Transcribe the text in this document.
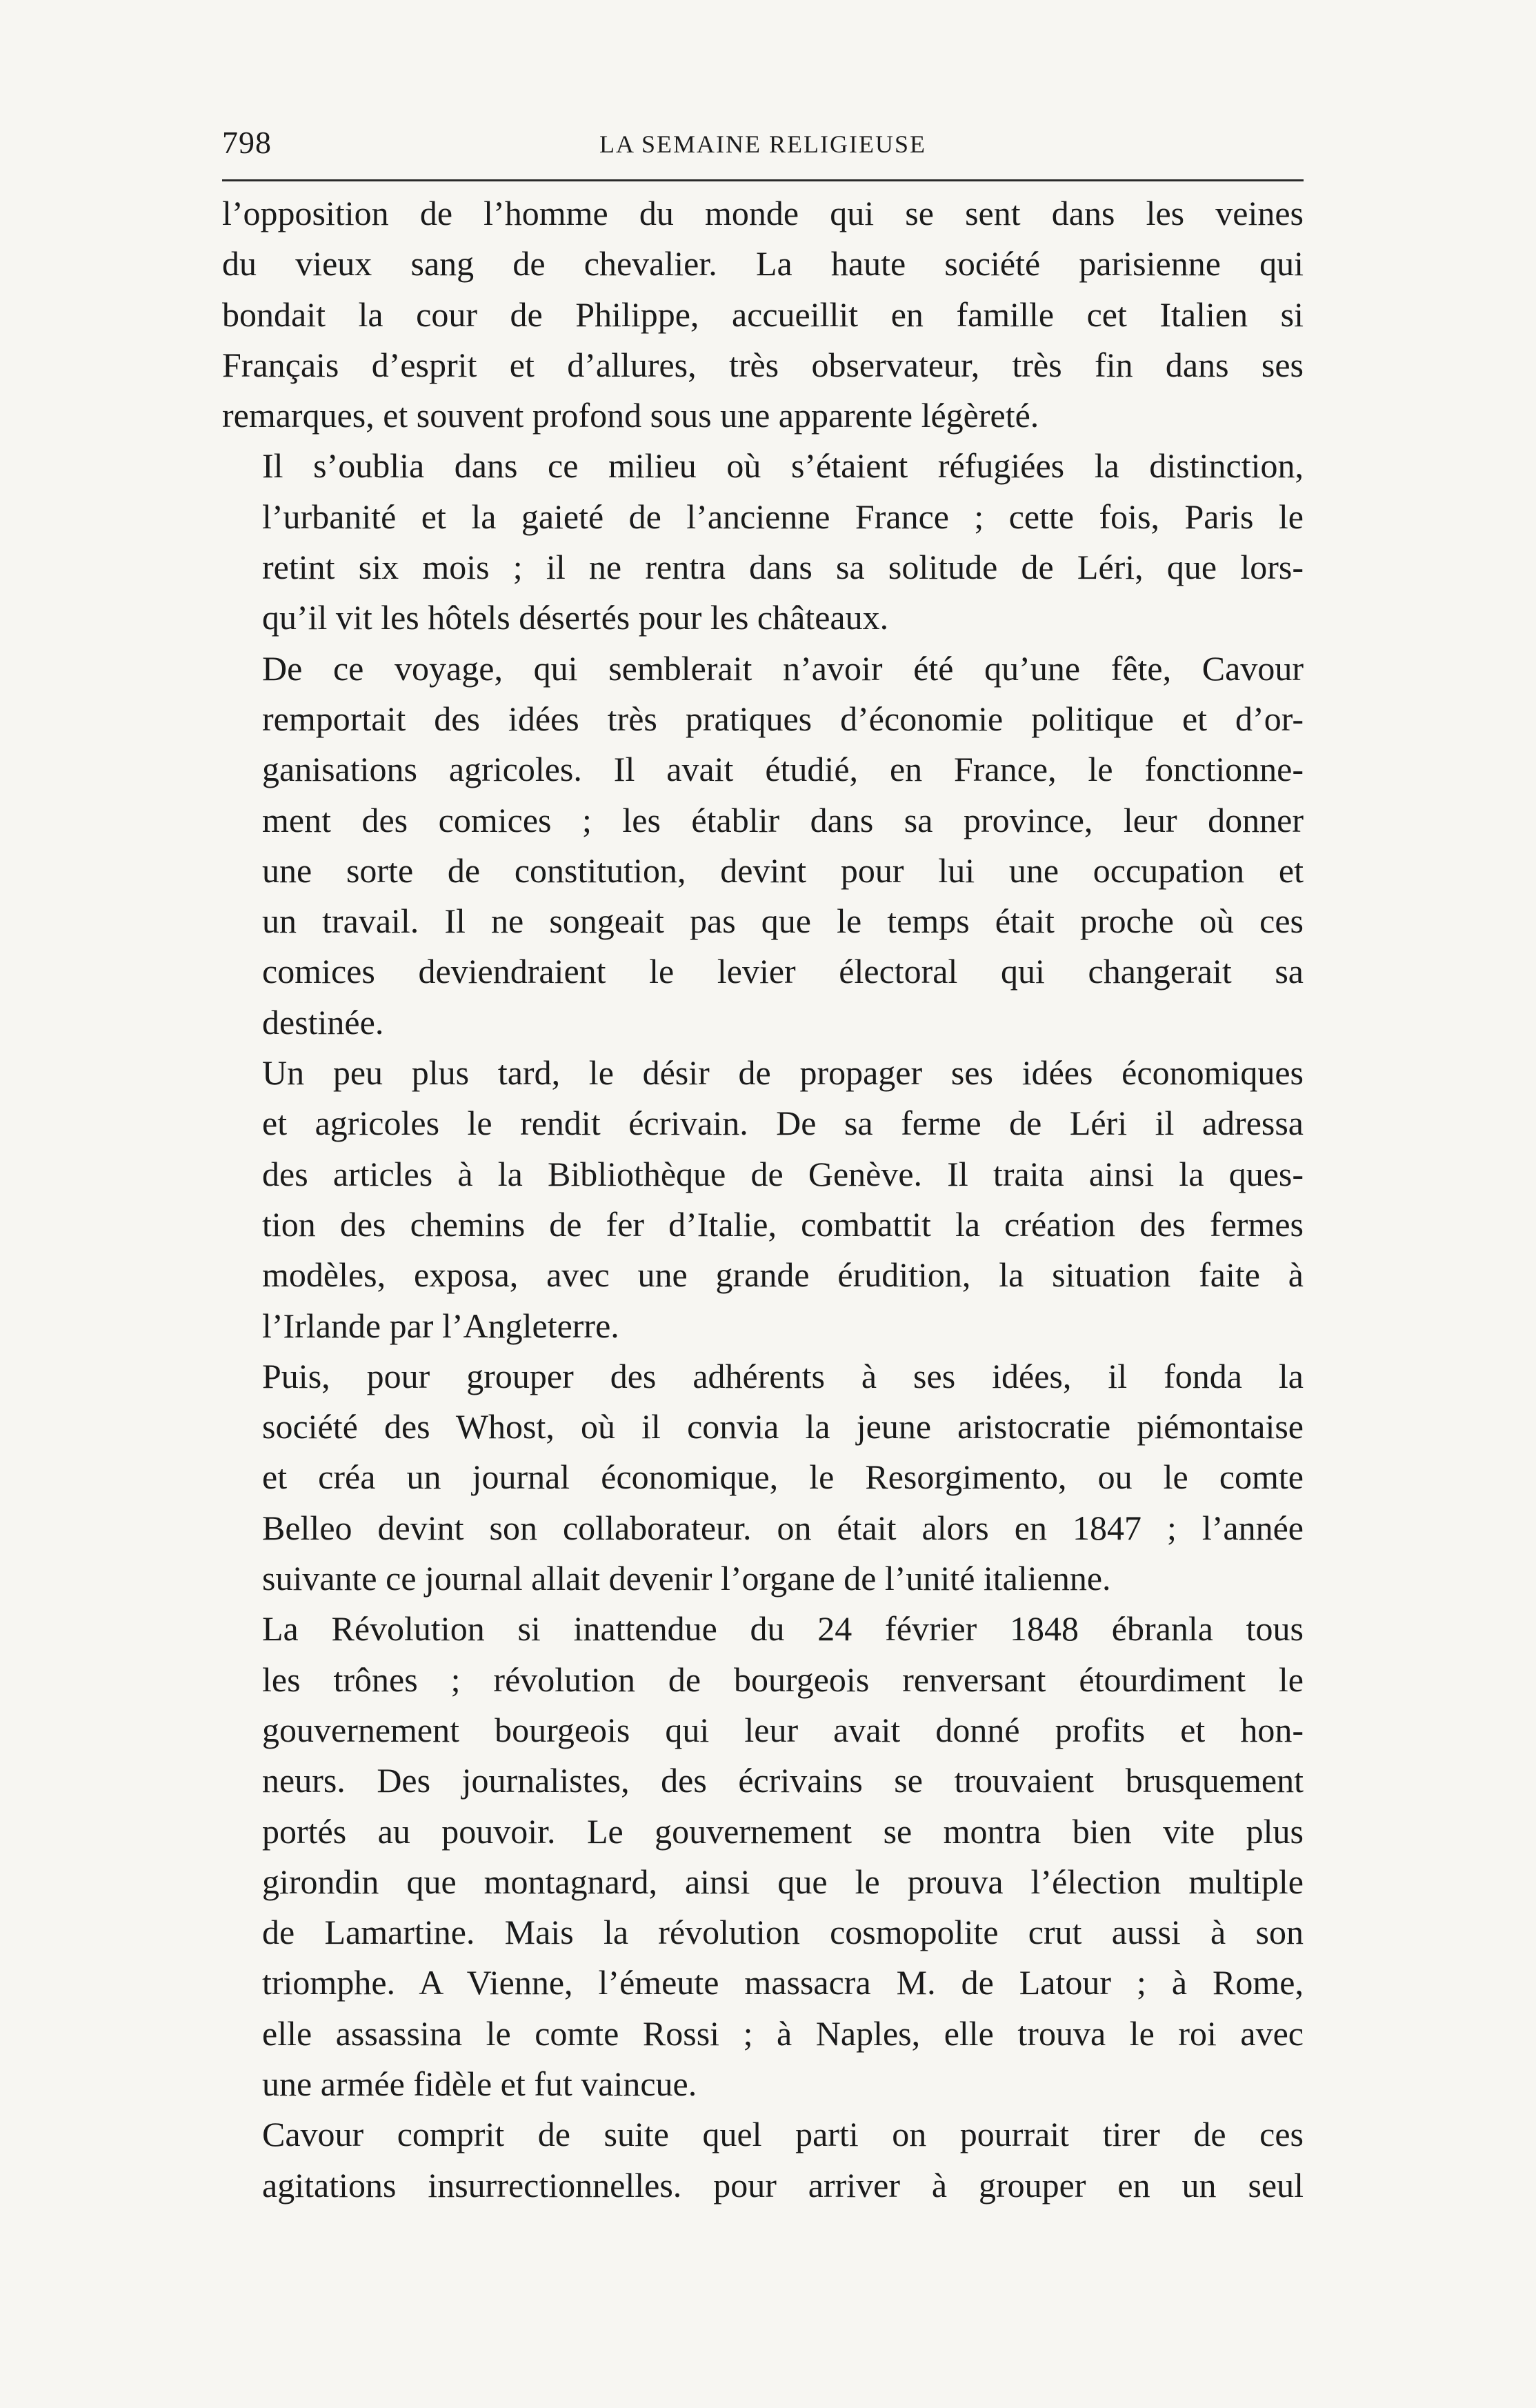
798	LA SEMAINE RELIGIEUSE
l’opposition de l’homme du monde qui se sent dans les veines
du vieux sang de chevalier. La haute société parisienne qui
bondait la cour de Philippe, accueillit en famille cet Italien si
Français d’esprit et d’allures, très observateur, très fin dans ses
remarques, et souvent profond sous une apparente légèreté.
Il s’oublia dans ce milieu où s’étaient réfugiées la distinction,
l’urbanité et la gaieté de l’ancienne France ; cette fois, Paris le
retint six mois ; il ne rentra dans sa solitude de Léri, que lors-
qu’il vit les hôtels désertés pour les châteaux.
De ce voyage, qui semblerait n’avoir été qu’une fête, Cavour
remportait des idées très pratiques d’économie politique et d’or-
ganisations agricoles. Il avait étudié, en France, le fonctionne-
ment des comices ; les établir dans sa province, leur donner
une sorte de constitution, devint pour lui une occupation et
un travail. Il ne songeait pas que le temps était proche où ces
comices deviendraient le levier électoral qui changerait sa
destinée.
Un peu plus tard, le désir de propager ses idées économiques
et agricoles le rendit écrivain. De sa ferme de Léri il adressa
des articles à la Bibliothèque de Genève. Il traita ainsi la ques-
tion des chemins de fer d’Italie, combattit la création des fermes
modèles, exposa, avec une grande érudition, la situation faite à
l’Irlande par l’Angleterre.
Puis, pour grouper des adhérents à ses idées, il fonda la
société des Whost, où il convia la jeune aristocratie piémontaise
et créa un journal économique, le Resorgimento, ou le comte
Belleo devint son collaborateur. on était alors en 1847 ; l’année
suivante ce journal allait devenir l’organe de l’unité italienne.
La Révolution si inattendue du 24 février 1848 ébranla tous
les trônes ; révolution de bourgeois renversant étourdiment le
gouvernement bourgeois qui leur avait donné profits et hon-
neurs. Des journalistes, des écrivains se trouvaient brusquement
portés au pouvoir. Le gouvernement se montra bien vite plus
girondin que montagnard, ainsi que le prouva l’élection multiple
de Lamartine. Mais la révolution cosmopolite crut aussi à son
triomphe. A Vienne, l’émeute massacra M. de Latour ; à Rome,
elle assassina le comte Rossi ; à Naples, elle trouva le roi avec
une armée fidèle et fut vaincue.
Cavour comprit de suite quel parti on pourrait tirer de ces
agitations insurrectionnelles. pour arriver à grouper en un seul
